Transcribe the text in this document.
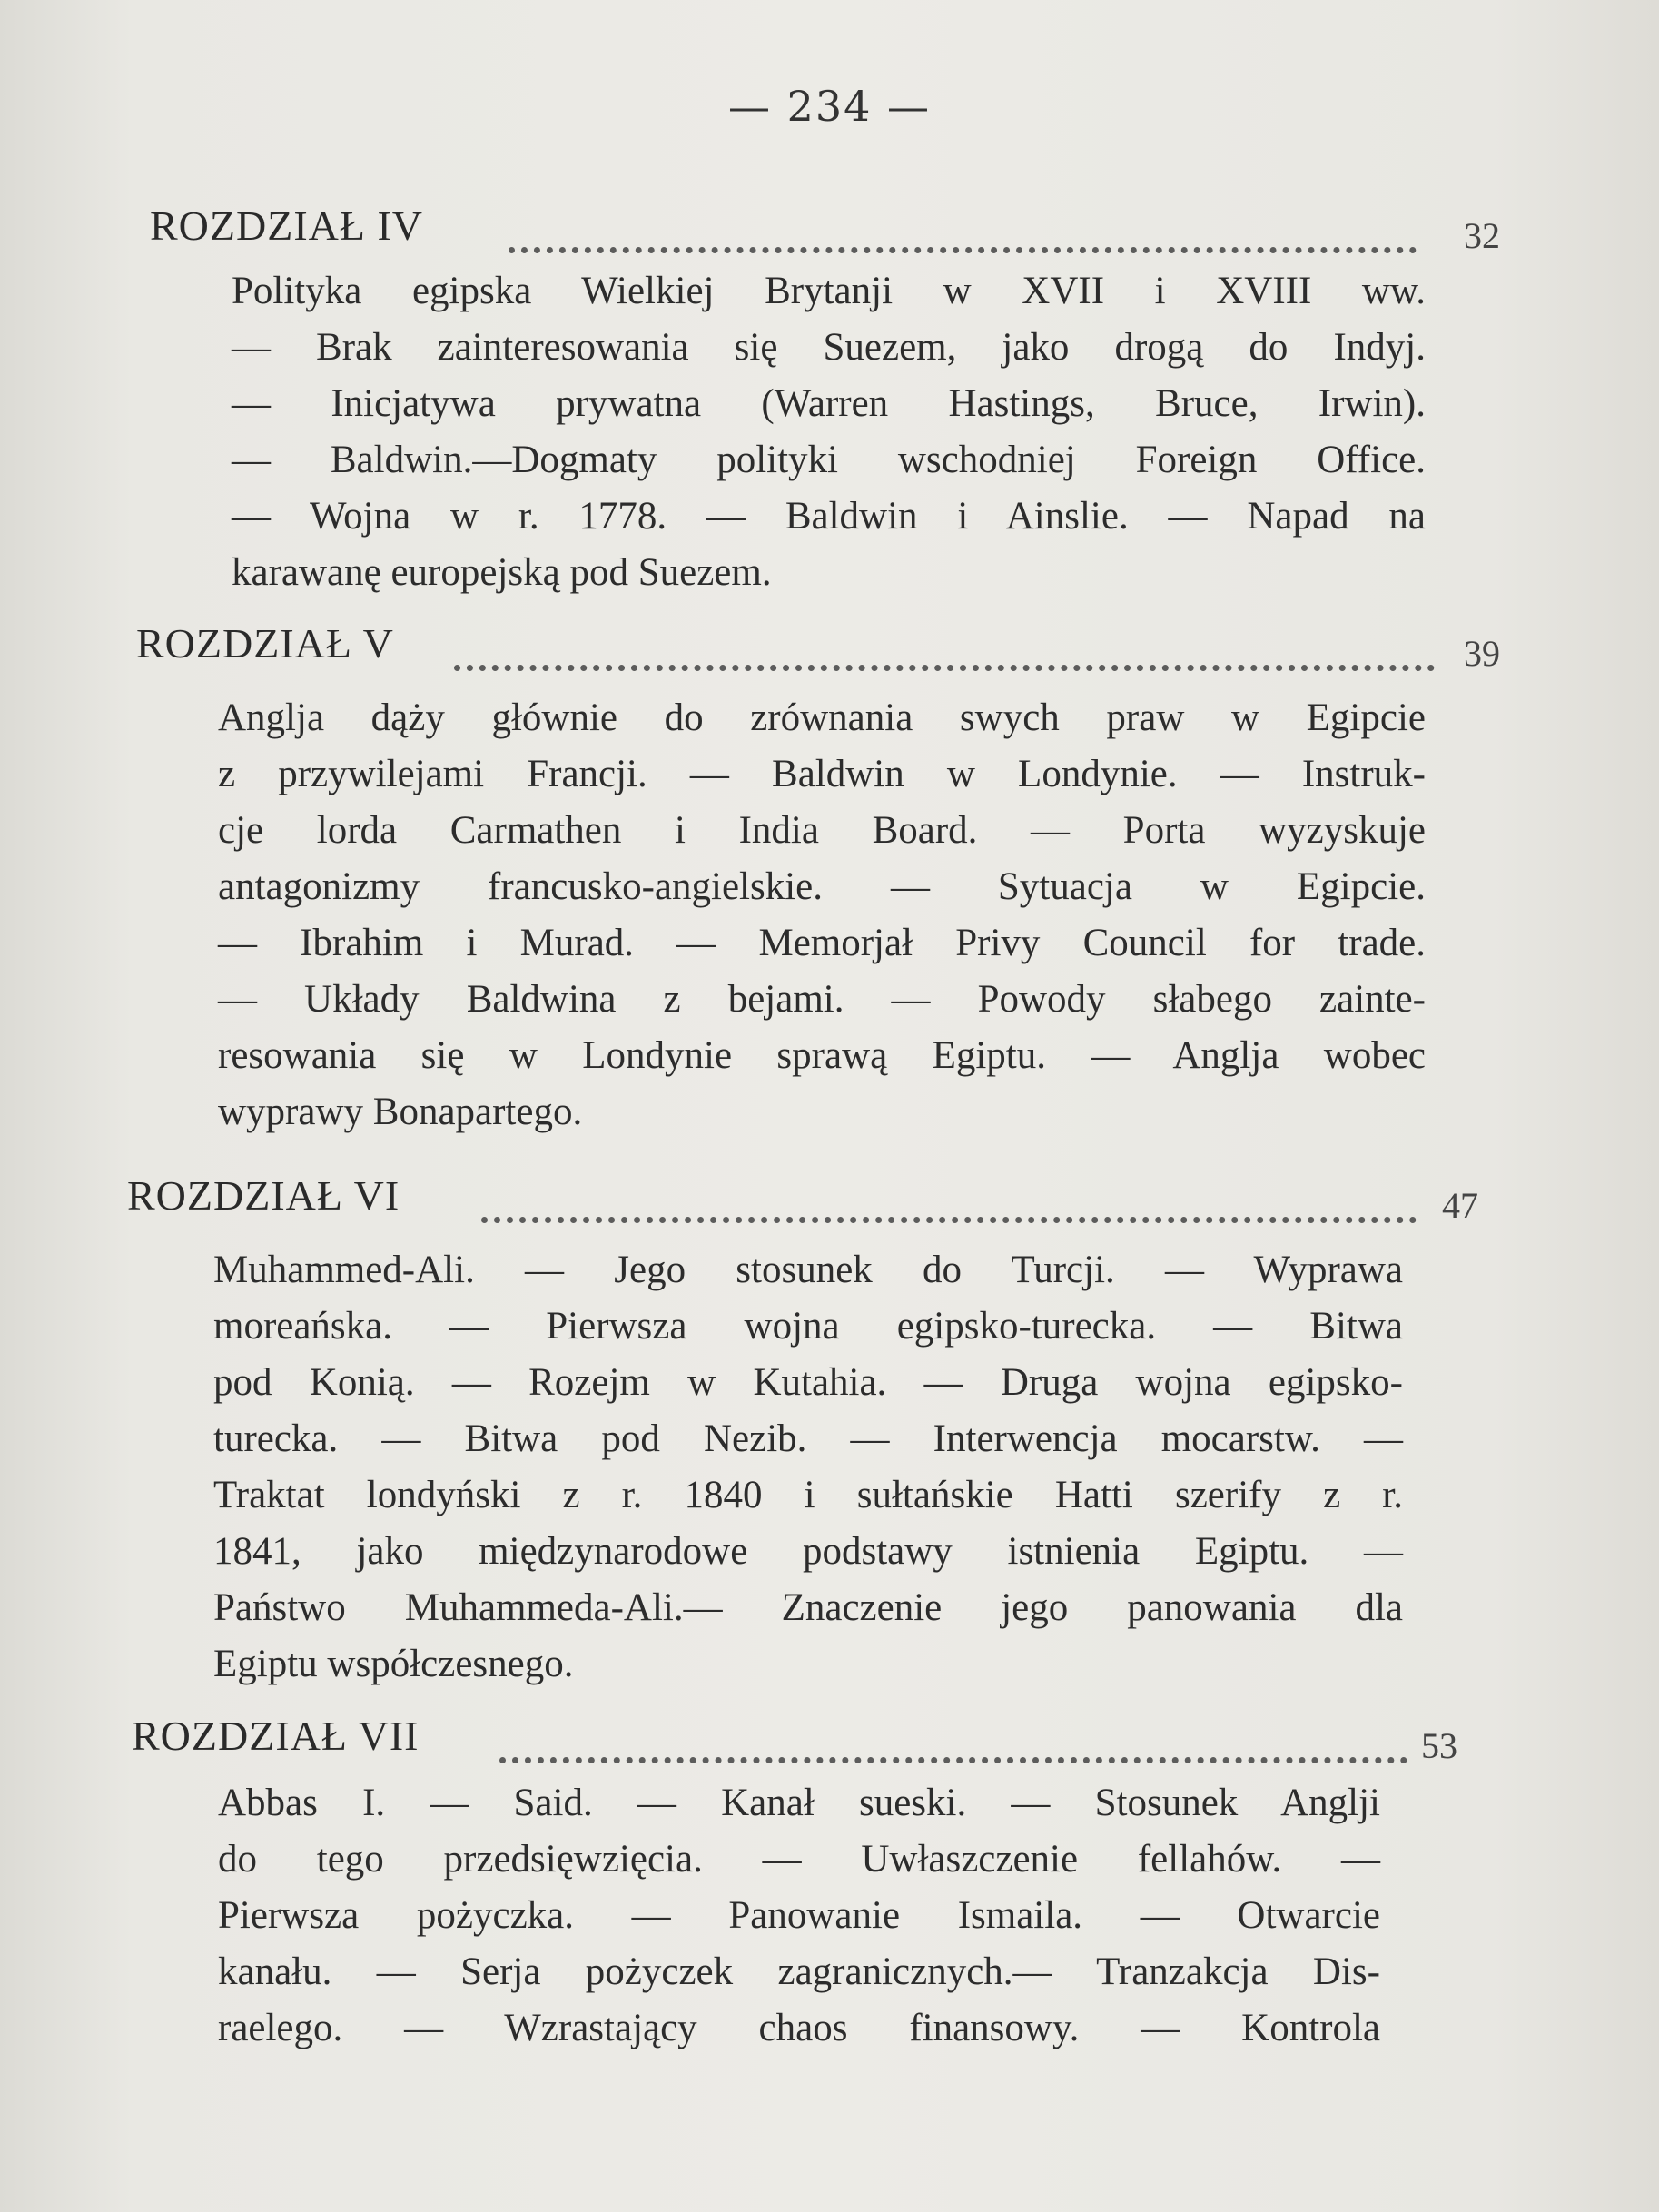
— 234 —
ROZDZIAŁ IV	32
Polityka egipska Wielkiej Brytanji w XVII i XVIII ww.
— Brak zainteresowania się Suezem, jako drogą do Indyj.
— Inicjatywa prywatna (Warren Hastings, Bruce, Irwin).
— Baldwin.—Dogmaty polityki wschodniej Foreign Office.
— Wojna w r. 1778. — Baldwin i Ainslie. — Napad na
karawanę europejską pod Suezem.
ROZDZIAŁ V	39
Anglja dąży głównie do zrównania swych praw w Egipcie
z przywilejami Francji. — Baldwin w Londynie. — Instruk-
cje lorda Carmathen i India Board. — Porta wyzyskuje
antagonizmy francusko-angielskie. — Sytuacja w Egipcie.
— Ibrahim i Murad. — Memorjał Privy Council for trade.
— Układy Baldwina z bejami. — Powody słabego zainte-
resowania się w Londynie sprawą Egiptu. — Anglja wobec
wyprawy Bonapartego.
ROZDZIAŁ VI	47
Muhammed-Ali. — Jego stosunek do Turcji. — Wyprawa
moreańska. — Pierwsza wojna egipsko-turecka. — Bitwa
pod Konią. — Rozejm w Kutahia. — Druga wojna egipsko-
turecka. — Bitwa pod Nezib. — Interwencja mocarstw. —
Traktat londyński z r. 1840 i sułtańskie Hatti szerify z r.
1841, jako międzynarodowe podstawy istnienia Egiptu. —
Państwo Muhammeda-Ali.— Znaczenie jego panowania dla
Egiptu współczesnego.
ROZDZIAŁ VII	53
Abbas I. — Said. — Kanał sueski. — Stosunek Anglji
do tego przedsięwzięcia. — Uwłaszczenie fellahów. —
Pierwsza pożyczka. — Panowanie Ismaila. — Otwarcie
kanału. — Serja pożyczek zagranicznych.— Tranzakcja Dis-
raelego. — Wzrastający chaos finansowy. — Kontrola
